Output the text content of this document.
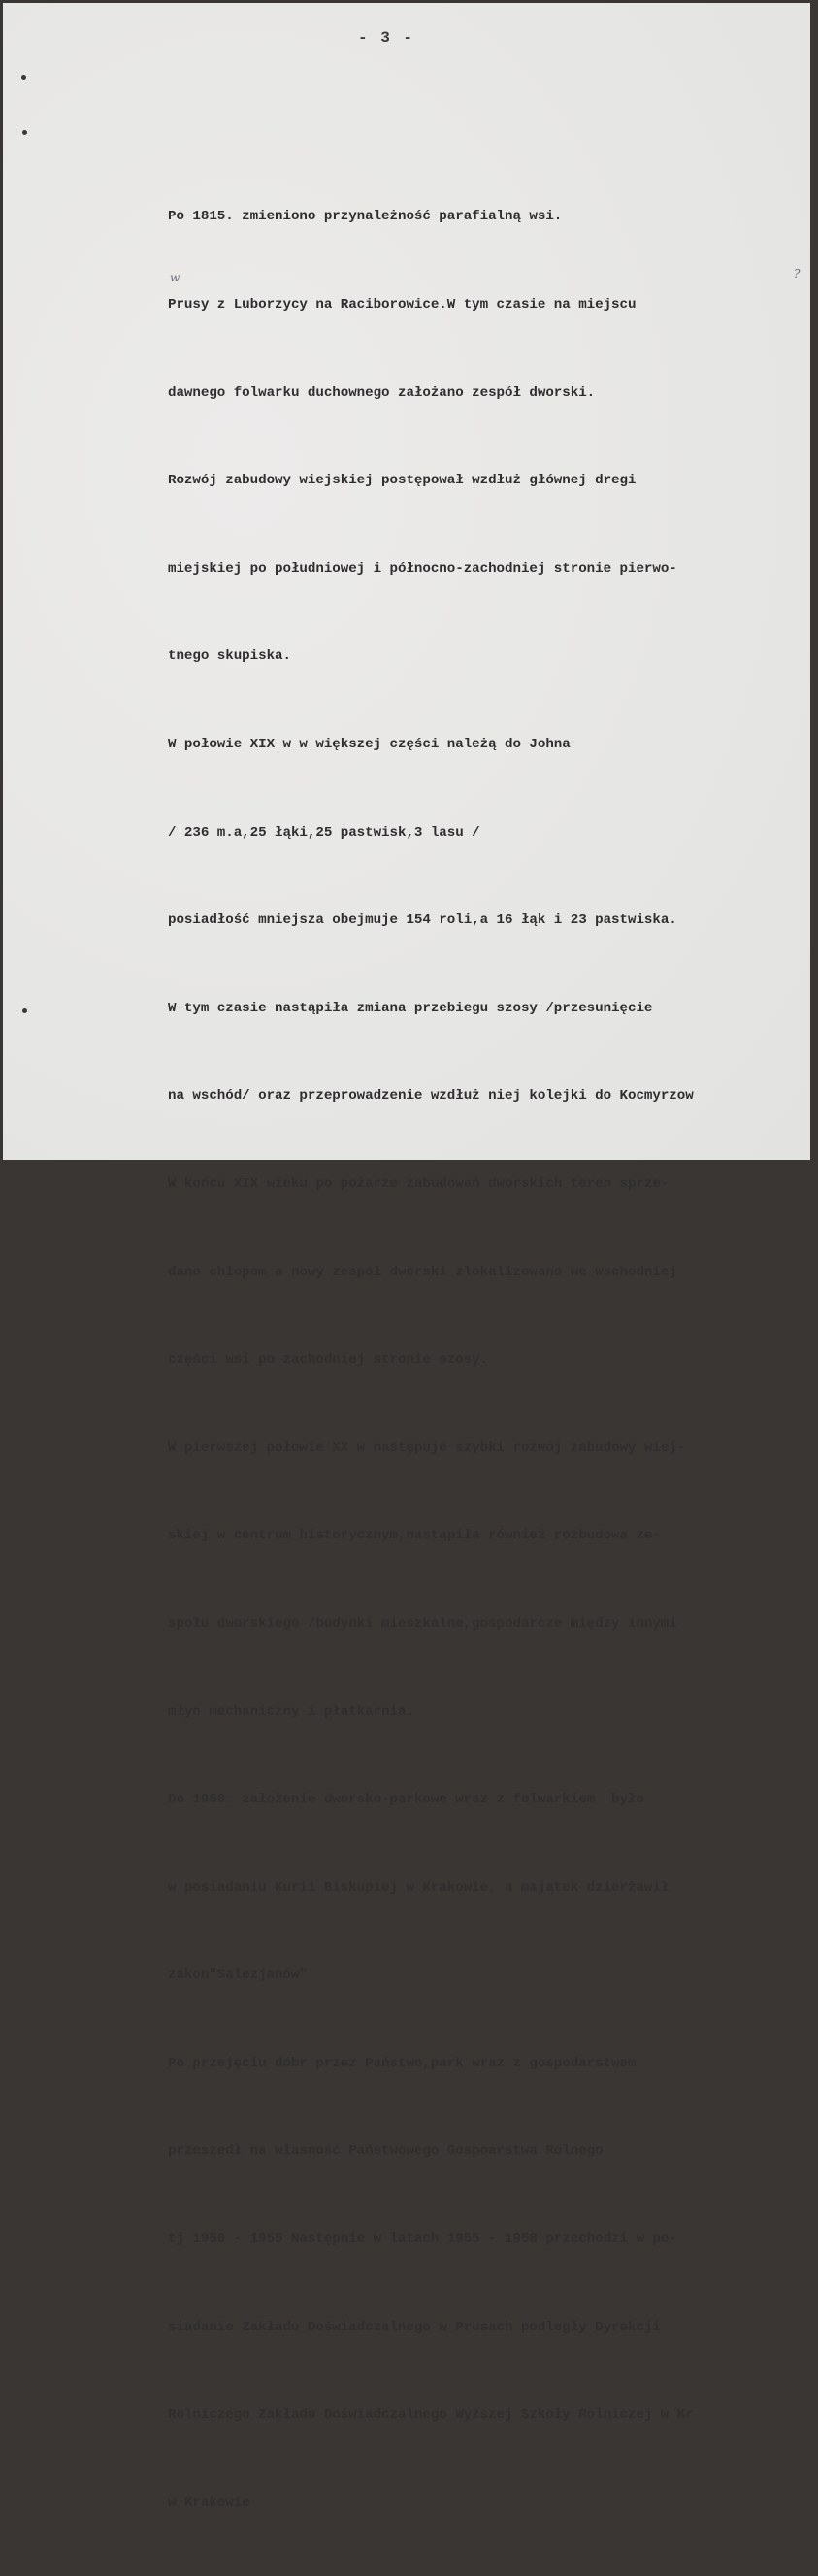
- 3 -
w	?

Po 1815. zmieniono przynależność parafialną wsi.

Prusy z Luborzycy na Raciborowice.W tym czasie na miejscu

dawnego folwarku duchownego założano zespół dworski.

Rozwój zabudowy wiejskiej postępował wzdłuż głównej dregi

miejskiej po południowej i północno-zachodniej stronie pierwo-

tnego skupiska.

W połowie XIX w w większej części należą do Johna

/ 236 m.a,25 łąki,25 pastwisk,3 lasu /

posiadłość mniejsza obejmuje 154 roli,a 16 łąk i 23 pastwiska.

W tym czasie nastąpiła zmiana przebiegu szosy /przesunięcie

na wschód/ oraz przeprowadzenie wzdłuż niej kolejki do Kocmyrzow

W końcu XIX wieku po pożarze zabudowań dworskich teren sprze-

dano chłopom a nowy zespół dworski zlokalizowano we wschodniej

części wsi po zachodniej stronie szosy.

W pierwszej połowie XX w następuje szybki rozwój zabudowy wiej-

skiej w centrum historycznym,nastąpiła również rozbudowa ze-

społu dworskiego /budynki mieszkalne,gospodarcze między innymi

młyn mechaniczny i płatkarnia.

Do 1950. założenie dworsko-parkowe wraz z folwarkiem  było

w posiadaniu Kurii Biskupiej w Krakowie, a majątek dzierżawił

zakon"Salezjanów"

Po przejęciu dóbr przez Państwo,park wraz z gospodarstwem

przeszedł na własność Państwowego Gospoarstwa Rolnego

tj 1950 - 1955 Następnie w latach 1955 - 1958 przechodzi w po-

siadanie Zakładu Doświadczalnego w Prusach podległy Dyrekcji

Rolniczego Zakładu Doświadczalnego Wyższej Szkoły Rolniczej w Kr

w Krakowie
